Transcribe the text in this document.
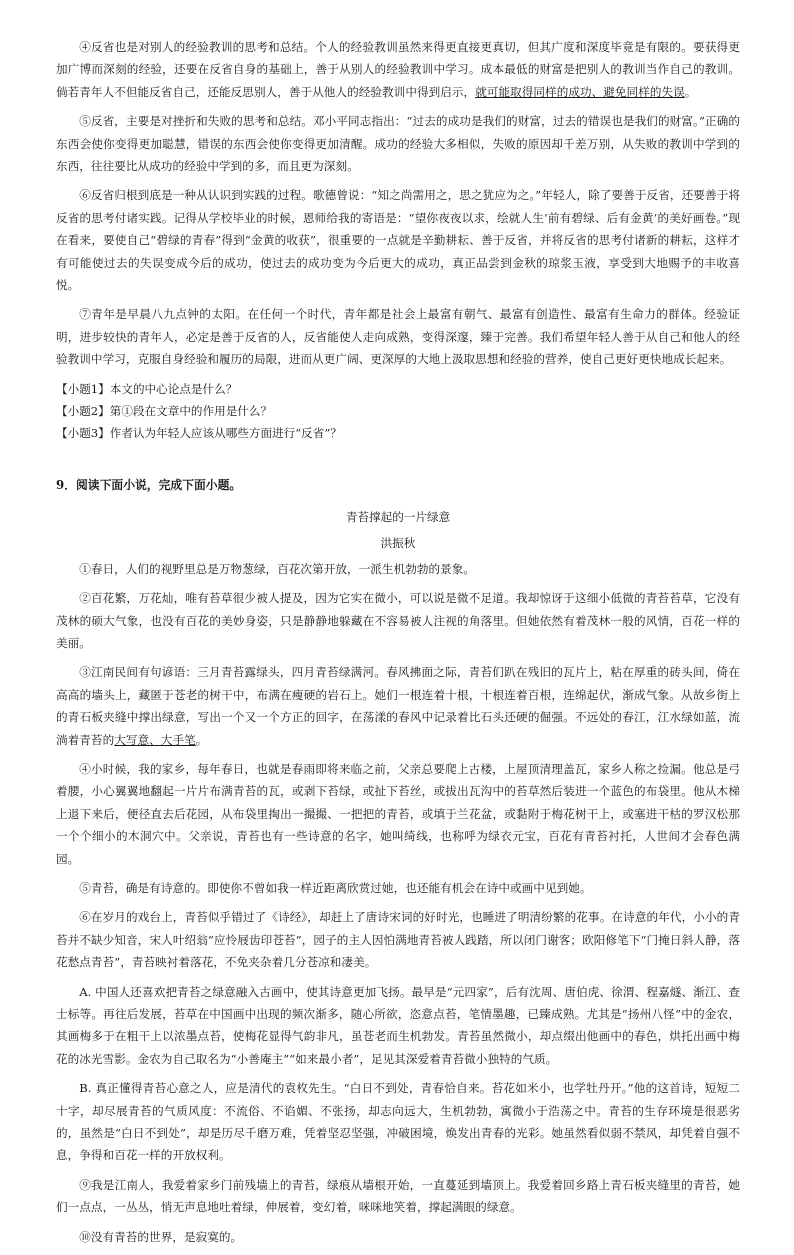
④反省也是对别人的经验教训的思考和总结。个人的经验教训虽然来得更直接更真切，但其广度和深度毕竟是有限的。要获得更加广博而深刻的经验，还要在反省自身的基础上，善于从别人的经验教训中学习。成本最低的财富是把别人的教训当作自己的教训。倘若青年人不但能反省自己，还能反思别人，善于从他人的经验教训中得到启示，就可能取得同样的成功、避免同样的失误。

⑤反省，主要是对挫折和失败的思考和总结。邓小平同志指出：“过去的成功是我们的财富，过去的错误也是我们的财富。”正确的东西会使你变得更加聪慧，错误的东西会使你变得更加清醒。成功的经验大多相似，失败的原因却千差万别，从失败的教训中学到的东西，往往要比从成功的经验中学到的多，而且更为深刻。

⑥反省归根到底是一种从认识到实践的过程。歌德曾说：“知之尚需用之，思之犹应为之。”年轻人，除了要善于反省，还要善于将反省的思考付诸实践。记得从学校毕业的时候，恩师给我的寄语是：“望你夜夜以求，绘就人生‘前有碧绿、后有金黄’的美好画卷。”现在看来，要使自己“碧绿的青春”得到“金黄的收获”，很重要的一点就是辛勤耕耘、善于反省，并将反省的思考付诸新的耕耘，这样才有可能使过去的失误变成今后的成功，使过去的成功变为今后更大的成功，真正品尝到金秋的琼浆玉液，享受到大地赐予的丰收喜悦。

⑦青年是早晨八九点钟的太阳。在任何一个时代，青年都是社会上最富有朝气、最富有创造性、最富有生命力的群体。经验证明，进步较快的青年人，必定是善于反省的人，反省能使人走向成熟，变得深邃，臻于完善。我们希望年轻人善于从自己和他人的经验教训中学习，克服自身经验和履历的局限，进而从更广阔、更深厚的大地上汲取思想和经验的营养，使自己更好更快地成长起来。

【小题1】本文的中心论点是什么？

【小题2】第①段在文章中的作用是什么？

【小题3】作者认为年轻人应该从哪些方面进行“反省”？

9．阅读下面小说，完成下面小题。

青苔撑起的一片绿意

洪振秋

①春日，人们的视野里总是万物葱绿，百花次第开放，一派生机勃勃的景象。

②百花繁，万花灿，唯有苔草很少被人提及，因为它实在微小，可以说是微不足道。我却惊讶于这细小低微的青苔苔草，它没有茂林的硕大气象，也没有百花的美妙身姿，只是静静地躲藏在不容易被人注视的角落里。但她依然有着茂林一般的风情，百花一样的美丽。

③江南民间有句谚语：三月青苔露绿头，四月青苔绿满河。春风拂面之际，青苔们趴在残旧的瓦片上，粘在厚重的砖头间，倚在高高的墙头上，藏匿于苍老的树干中，布满在瘦硬的岩石上。她们一根连着十根，十根连着百根，连绵起伏，渐成气象。从故乡街上的青石板夹缝中撑出绿意，写出一个又一个方正的回字，在荡漾的春风中记录着比石头还硬的倔强。不远处的春江，江水绿如蓝，流淌着青苔的大写意、大手笔。

④小时候，我的家乡，每年春日，也就是春雨即将来临之前，父亲总要爬上古楼，上屋顶清理盖瓦，家乡人称之捡漏。他总是弓着腰，小心翼翼地翻起一片片布满青苔的瓦，或剥下苔绿，或扯下苔丝，或拔出瓦沟中的苔草然后装进一个蓝色的布袋里。他从木梯上退下来后，便径直去后花园，从布袋里掏出一撮撮、一把把的青苔，或填于兰花盆，或黏附于梅花树干上，或塞进干枯的罗汉松那一个个细小的木洞穴中。父亲说，青苔也有一些诗意的名字，她叫绮线，也称呼为绿衣元宝，百花有青苔衬托，人世间才会春色满园。

⑤青苔，确是有诗意的。即使你不曾如我一样近距离欣赏过她，也还能有机会在诗中或画中见到她。

⑥在岁月的戏台上，青苔似乎错过了《诗经》，却赶上了唐诗宋词的好时光，也睡进了明清纷繁的花事。在诗意的年代，小小的青苔并不缺少知音，宋人叶绍翁“应怜屐齿印苍苔”，园子的主人因怕满地青苔被人践踏，所以闭门谢客；欧阳修笔下“门掩日斜人静，落花愁点青苔”，青苔映衬着落花，不免夹杂着几分苍凉和凄美。

A. 中国人还喜欢把青苔之绿意融入古画中，使其诗意更加飞扬。最早是“元四家”，后有沈周、唐伯虎、徐渭、程嘉燧、渐江、查士标等。再往后发展，苔草在中国画中出现的频次渐多，随心所欲，恣意点苔，笔情墨趣，已臻成熟。尤其是“扬州八怪”中的金农，其画梅多于在粗干上以浓墨点苔，使梅花显得气韵非凡，虽苍老而生机勃发。青苔虽然微小，却点缀出他画中的春色，烘托出画中梅花的冰光雪影。金农为自己取名为“小善庵主”“如来最小者”，足见其深爱着青苔微小独特的气质。

B. 真正懂得青苔心意之人，应是清代的袁枚先生。“白日不到处，青春恰自来。苔花如米小，也学牡丹开。”他的这首诗，短短二十字，却尽展青苔的气质风度：不流俗、不谄媚、不张扬，却志向远大，生机勃勃，寓微小于浩荡之中。青苔的生存环境是很恶劣的，虽然是“白日不到处”，却是历尽千磨万难，凭着坚忍坚强，冲破困境，焕发出青春的光彩。她虽然看似弱不禁风，却凭着自强不息，争得和百花一样的开放权利。

⑨我是江南人，我爱着家乡门前残墙上的青苔，绿痕从墙根开始，一直蔓延到墙顶上。我爱着回乡路上青石板夹缝里的青苔，她们一点点，一丛丛，悄无声息地吐着绿，伸展着，变幻着，咪咪地笑着，撑起满眼的绿意。

⑩没有青苔的世界，是寂寞的。
